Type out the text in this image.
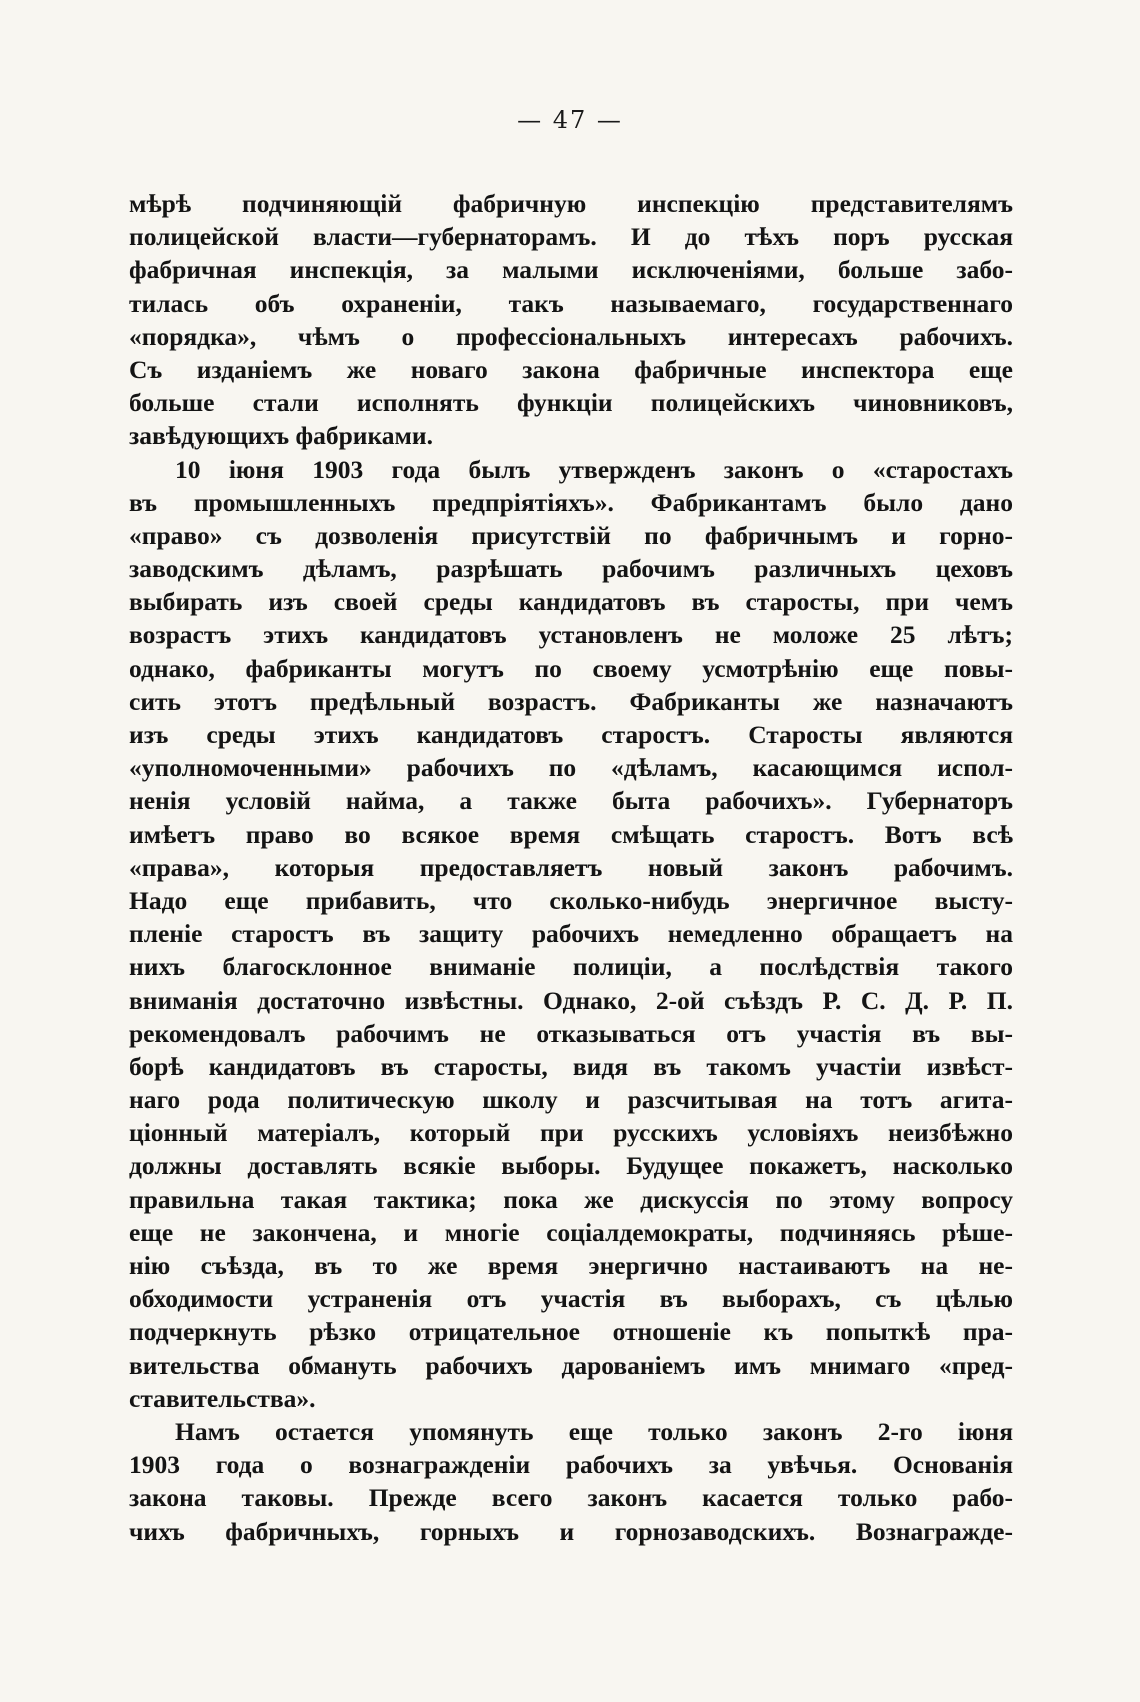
— 47 —
мѣрѣ подчиняющій фабричную инспекцію представителямъ
полицейской власти—губернаторамъ. И до тѣхъ поръ русская
фабричная инспекція, за малыми исключеніями, больше забо-
тилась объ охраненіи, такъ называемаго, государственнаго
«порядка», чѣмъ о профессіональныхъ интересахъ рабочихъ.
Съ изданіемъ же новаго закона фабричные инспектора еще
больше стали исполнять функціи полицейскихъ чиновниковъ,
завѣдующихъ фабриками.
10 іюня 1903 года былъ утвержденъ законъ о «старостахъ
въ промышленныхъ предпріятіяхъ». Фабрикантамъ было дано
«право» съ дозволенія присутствій по фабричнымъ и горно-
заводскимъ дѣламъ, разрѣшать рабочимъ различныхъ цеховъ
выбирать изъ своей среды кандидатовъ въ старосты, при чемъ
возрастъ этихъ кандидатовъ установленъ не моложе 25 лѣтъ;
однако, фабриканты могутъ по своему усмотрѣнію еще повы-
сить этотъ предѣльный возрастъ. Фабриканты же назначаютъ
изъ среды этихъ кандидатовъ старостъ. Старосты являются
«уполномоченными» рабочихъ по «дѣламъ, касающимся испол-
ненія условій найма, а также быта рабочихъ». Губернаторъ
имѣетъ право во всякое время смѣщать старостъ. Вотъ всѣ
«права», которыя предоставляетъ новый законъ рабочимъ.
Надо еще прибавить, что сколько-нибудь энергичное высту-
пленіе старостъ въ защиту рабочихъ немедленно обращаетъ на
нихъ благосклонное вниманіе полиціи, а послѣдствія такого
вниманія достаточно извѣстны. Однако, 2-ой съѣздъ Р. С. Д. Р. П.
рекомендовалъ рабочимъ не отказываться отъ участія въ вы-
борѣ кандидатовъ въ старосты, видя въ такомъ участіи извѣст-
наго рода политическую школу и разсчитывая на тотъ агита-
ціонный матеріалъ, который при русскихъ условіяхъ неизбѣжно
должны доставлять всякіе выборы. Будущее покажетъ, насколько
правильна такая тактика; пока же дискуссія по этому вопросу
еще не закончена, и многіе соціалдемократы, подчиняясь рѣше-
нію съѣзда, въ то же время энергично настаиваютъ на не-
обходимости устраненія отъ участія въ выборахъ, съ цѣлью
подчеркнуть рѣзко отрицательное отношеніе къ попыткѣ пра-
вительства обмануть рабочихъ дарованіемъ имъ мнимаго «пред-
ставительства».
Намъ остается упомянуть еще только законъ 2-го іюня
1903 года о вознагражденіи рабочихъ за увѣчья. Основанія
закона таковы. Прежде всего законъ касается только рабо-
чихъ фабричныхъ, горныхъ и горнозаводскихъ. Вознагражде-
